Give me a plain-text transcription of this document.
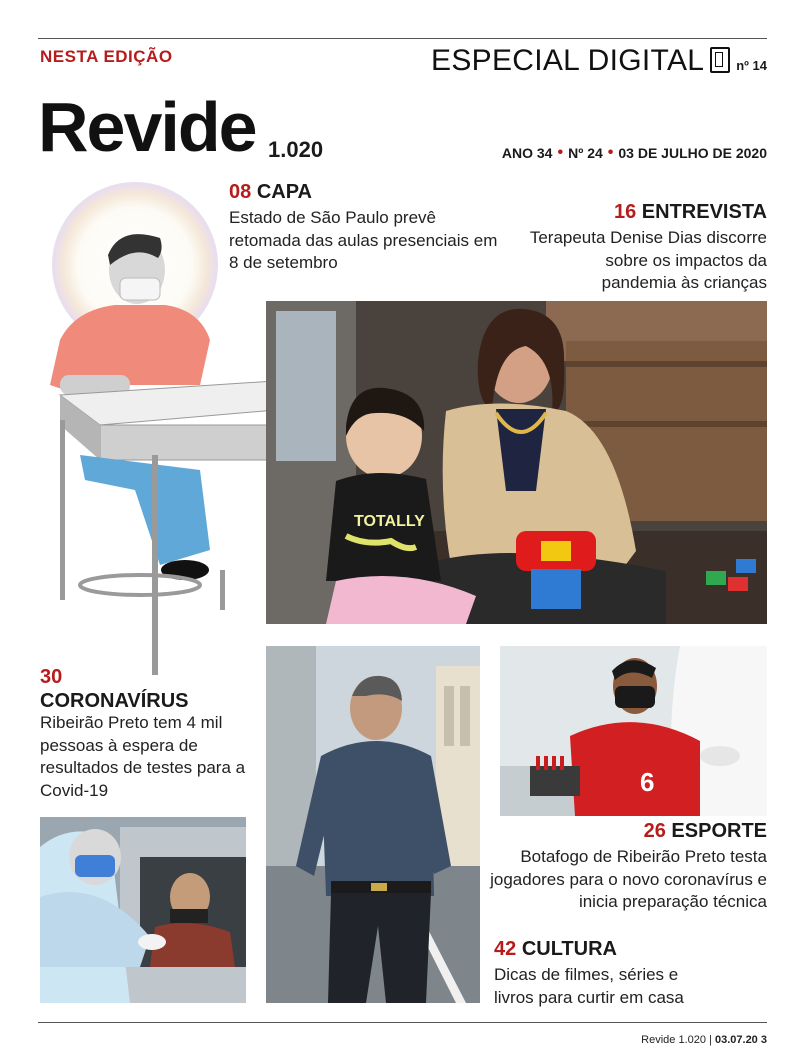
NESTA EDIÇÃO	ESPECIAL DIGITAL nº 14
Revide 1.020	ANO 34 • Nº 24 • 03 DE JULHO DE 2020
TOTALLY
6
08 CAPA
Estado de São Paulo prevê retomada das aulas presenciais em 8 de setembro
16 ENTREVISTA
Terapeuta Denise Dias discorre sobre os impactos da pandemia às crianças
30
CORONAVÍRUS
Ribeirão Preto tem 4 mil pessoas à espera de resultados de testes para a Covid-19
26 ESPORTE
Botafogo de Ribeirão Preto testa jogadores para o novo coronavírus e inicia preparação técnica
42 CULTURA
Dicas de filmes, séries e livros para curtir em casa
Revide 1.020 | 03.07.20 3
